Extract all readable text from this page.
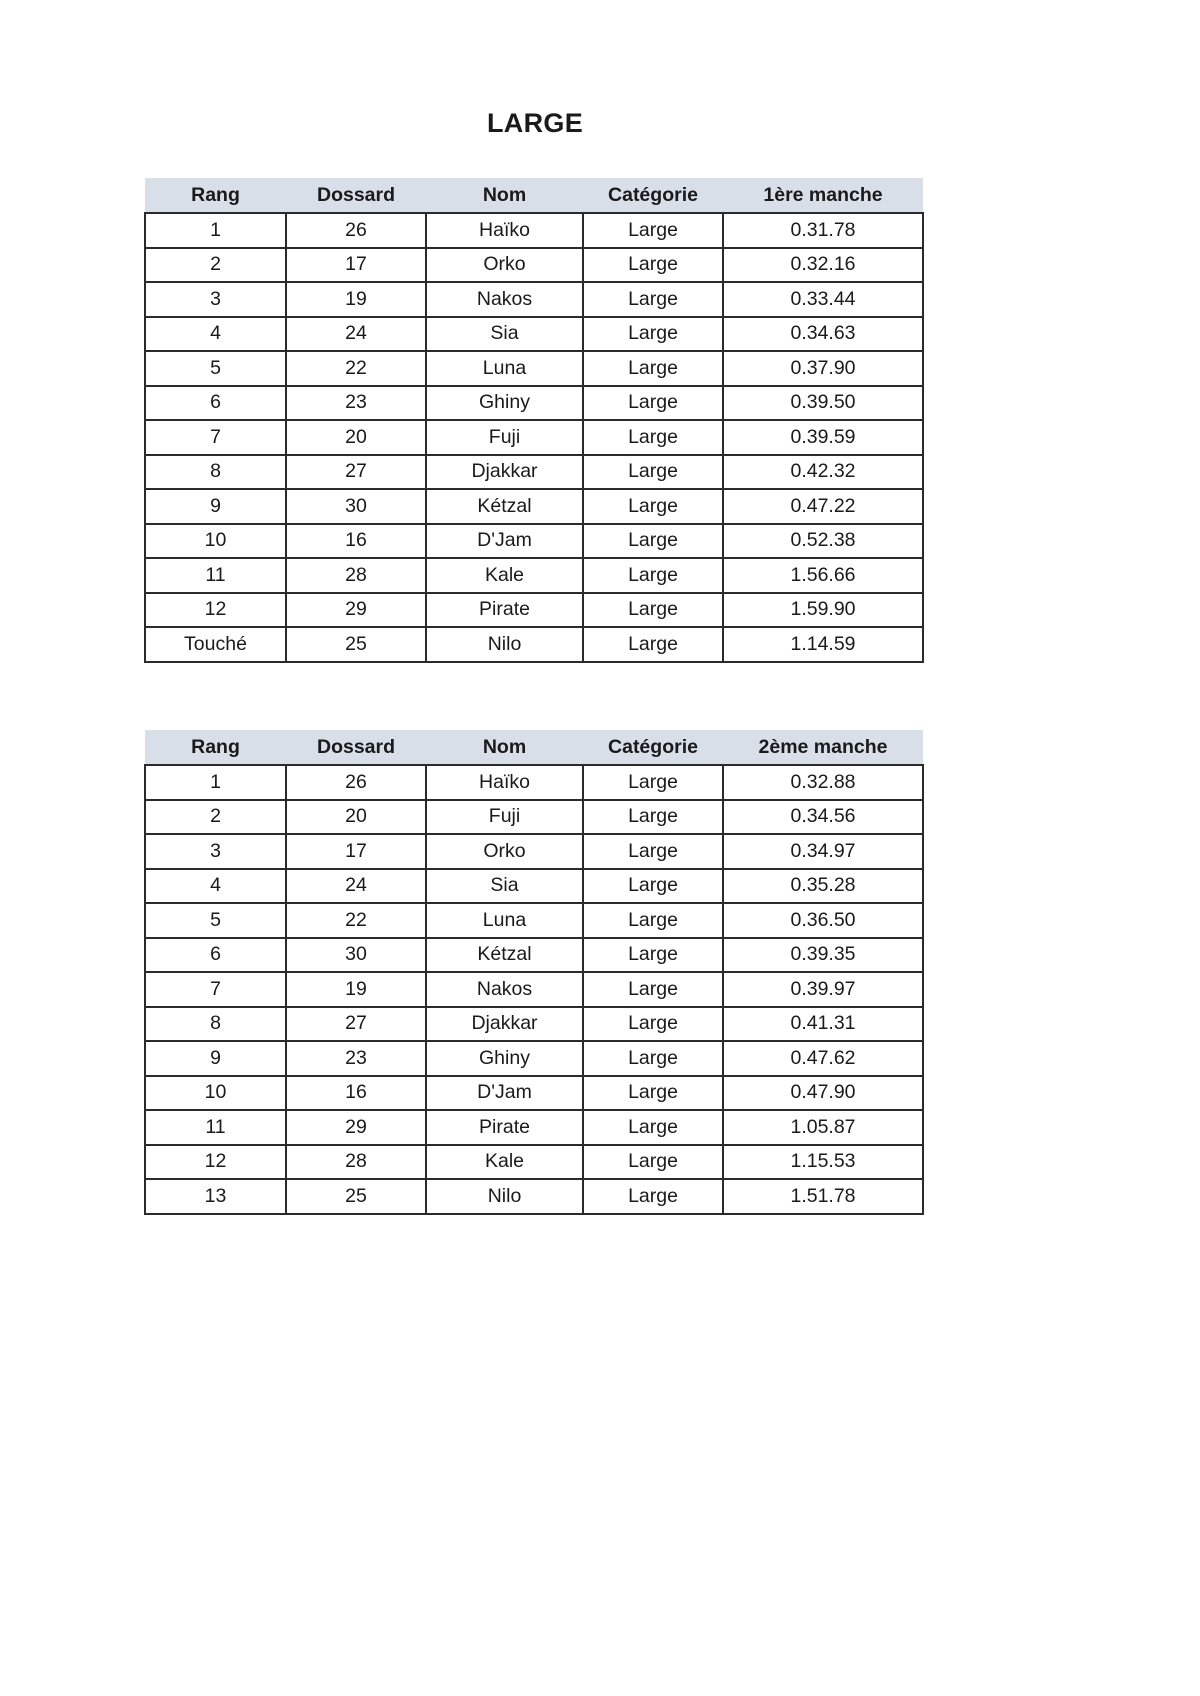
LARGE
Rang	Dossard	Nom	Catégorie	1ère manche
1	26	Haïko	Large	0.31.78
2	17	Orko	Large	0.32.16
3	19	Nakos	Large	0.33.44
4	24	Sia	Large	0.34.63
5	22	Luna	Large	0.37.90
6	23	Ghiny	Large	0.39.50
7	20	Fuji	Large	0.39.59
8	27	Djakkar	Large	0.42.32
9	30	Kétzal	Large	0.47.22
10	16	D'Jam	Large	0.52.38
11	28	Kale	Large	1.56.66
12	29	Pirate	Large	1.59.90
Touché	25	Nilo	Large	1.14.59
Rang	Dossard	Nom	Catégorie	2ème manche
1	26	Haïko	Large	0.32.88
2	20	Fuji	Large	0.34.56
3	17	Orko	Large	0.34.97
4	24	Sia	Large	0.35.28
5	22	Luna	Large	0.36.50
6	30	Kétzal	Large	0.39.35
7	19	Nakos	Large	0.39.97
8	27	Djakkar	Large	0.41.31
9	23	Ghiny	Large	0.47.62
10	16	D'Jam	Large	0.47.90
11	29	Pirate	Large	1.05.87
12	28	Kale	Large	1.15.53
13	25	Nilo	Large	1.51.78
